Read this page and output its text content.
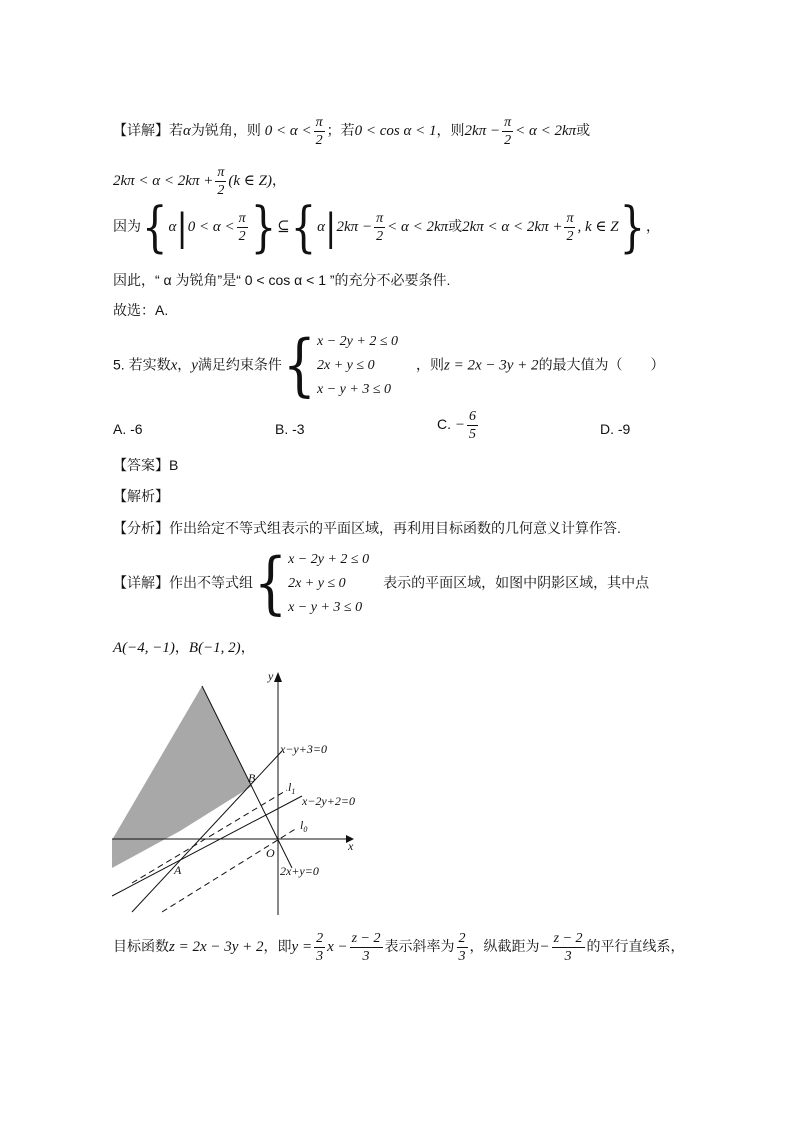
【详解】若α为锐角，则 $0 < \alpha < \frac{\pi}{2}$ ；若0 < cos α < 1，则$2k\pi - \frac{\pi}{2} < \alpha < 2k\pi$或
$2k\pi < \alpha < 2k\pi + \frac{\pi}{2} (k$ ∈ Z)，
因为{$\alpha|0 < \alpha < \frac{\pi}{2}$ }⊆{α|2kπ − $\frac{\pi}{2} < \alpha < 2k\pi$或$2k\pi < \alpha < 2k\pi + \frac{\pi}{2}$ , k ∈ Z}，
因此，“ α 为锐角”是“ 0 < cos α < 1 ”的充分不必要条件.
故选：A.
5. 若实数x，y满足约束条件{ x − 2y + 2 ≤ 0
2x + y ≤ 0
x − y + 3 ≤ 0
，则z = 2x − 3y + 2的最大值为（　　）
A. -6	B. -3	C. − $\frac{6}{5}$	D. -9
【答案】B
【解析】
【分析】作出给定不等式组表示的平面区域，再利用目标函数的几何意义计算作答.
【详解】作出不等式组{ x − 2y + 2 ≤ 0
2x + y ≤ 0
x − y + 3 ≤ 0
表示的平面区域，如图中阴影区域，其中点
A(−4, −1)，B(−1, 2)，
y
x
O
A
B
x−y+3=0
$l_1$
x−2y+2=0
$l_0$
2x+y=0
目标函数z = 2x − 3y + 2，即$y = \frac{2}{3}$ $x - \frac{z - 2}{3}$ 表示斜率为 $\frac{2}{3}$ ，纵截距为− $\frac{z - 2}{3}$ 的平行直线系，
